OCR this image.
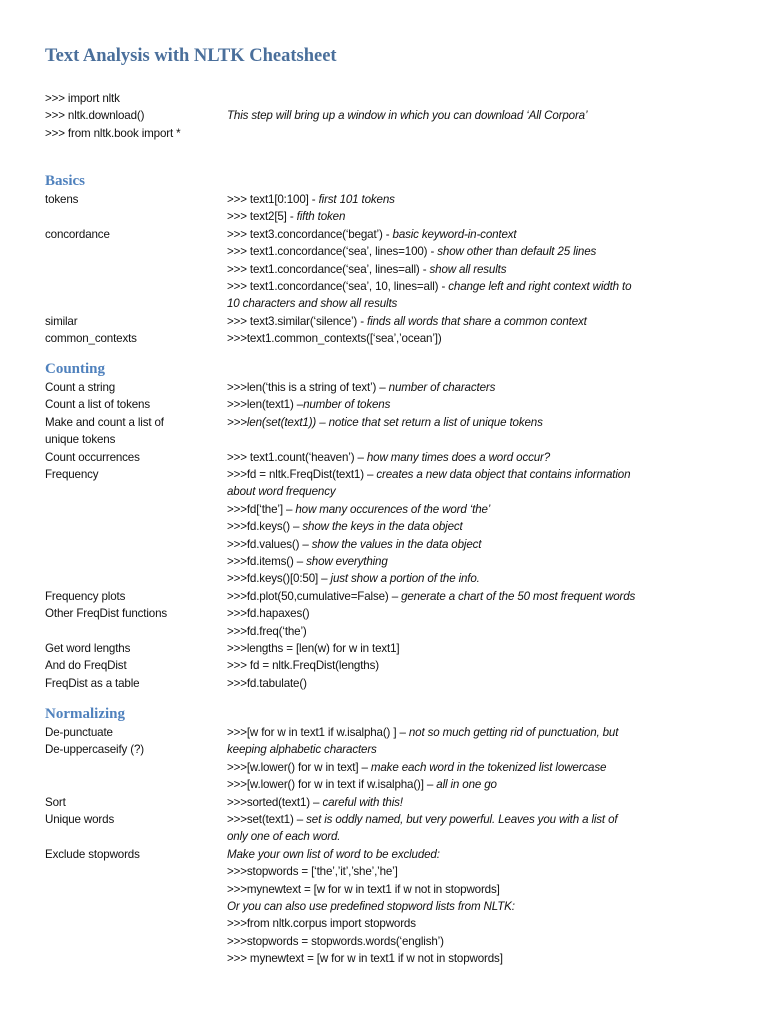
Text Analysis with NLTK Cheatsheet
>>> import nltk
>>> nltk.download()	This step will bring up a window in which you can download ‘All Corpora’
>>> from nltk.book import *
Basics
tokens	>>> text1[0:100] - first 101 tokens
>>> text2[5] - fifth token
concordance	>>> text3.concordance(‘begat’) - basic keyword-in-context
>>> text1.concordance(‘sea’, lines=100) - show other than default 25 lines
>>> text1.concordance(‘sea’, lines=all) - show all results
>>> text1.concordance(‘sea’, 10, lines=all) - change left and right context width to
10 characters and show all results
similar	>>> text3.similar(‘silence’) - finds all words that share a common context
common_contexts	>>>text1.common_contexts([‘sea’,’ocean’])
Counting
Count a string	>>>len(‘this is a string of text’) – number of characters
Count a list of tokens	>>>len(text1) –number of tokens
Make and count a list of	>>>len(set(text1)) – notice that set return a list of unique tokens
unique tokens
Count occurrences	>>> text1.count(‘heaven’) – how many times does a word occur?
Frequency	>>>fd = nltk.FreqDist(text1) – creates a new data object that contains information
about word frequency
>>>fd[‘the’] – how many occurences of the word ‘the’
>>>fd.keys() – show the keys in the data object
>>>fd.values() – show the values in the data object
>>>fd.items() – show everything
>>>fd.keys()[0:50] – just show a portion of the info.
Frequency plots	>>>fd.plot(50,cumulative=False) – generate a chart of the 50 most frequent words
Other FreqDist functions	>>>fd.hapaxes()
>>>fd.freq(‘the’)
Get word lengths	>>>lengths = [len(w) for w in text1]
And do FreqDist	>>> fd = nltk.FreqDist(lengths)
FreqDist as a table	>>>fd.tabulate()
Normalizing
De-punctuate	>>>[w for w in text1 if w.isalpha() ] – not so much getting rid of punctuation, but
De-uppercaseify (?)	keeping alphabetic characters
>>>[w.lower() for w in text] – make each word in the tokenized list lowercase
>>>[w.lower() for w in text if w.isalpha()] – all in one go
Sort	>>>sorted(text1) – careful with this!
Unique words	>>>set(text1) – set is oddly named, but very powerful. Leaves you with a list of
only one of each word.
Exclude stopwords	Make your own list of word to be excluded:
>>>stopwords = [‘the’,’it’,’she’,’he’]
>>>mynewtext = [w for w in text1 if w not in stopwords]
Or you can also use predefined stopword lists from NLTK:
>>>from nltk.corpus import stopwords
>>>stopwords = stopwords.words(‘english’)
>>> mynewtext = [w for w in text1 if w not in stopwords]
